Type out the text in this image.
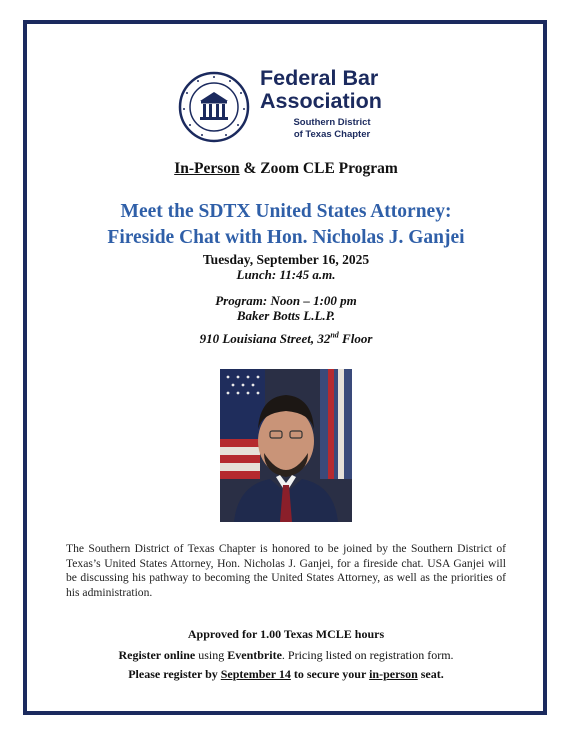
Federal Bar
Association
Southern District
of Texas Chapter
In-Person & Zoom CLE Program
Meet the SDTX United States Attorney:
Fireside Chat with Hon. Nicholas J. Ganjei
Tuesday, September 16, 2025
Lunch: 11:45 a.m.
Program: Noon – 1:00 pm
Baker Botts L.L.P.
910 Louisiana Street, 32nd Floor
The Southern District of Texas Chapter is honored to be joined by the Southern District of Texas’s United States Attorney, Hon. Nicholas J. Ganjei, for a fireside chat. USA Ganjei will be discussing his pathway to becoming the United States Attorney, as well as the priorities of his administration.
Approved for 1.00 Texas MCLE hours
Register online using Eventbrite. Pricing listed on registration form.
Please register by September 14 to secure your in-person seat.
